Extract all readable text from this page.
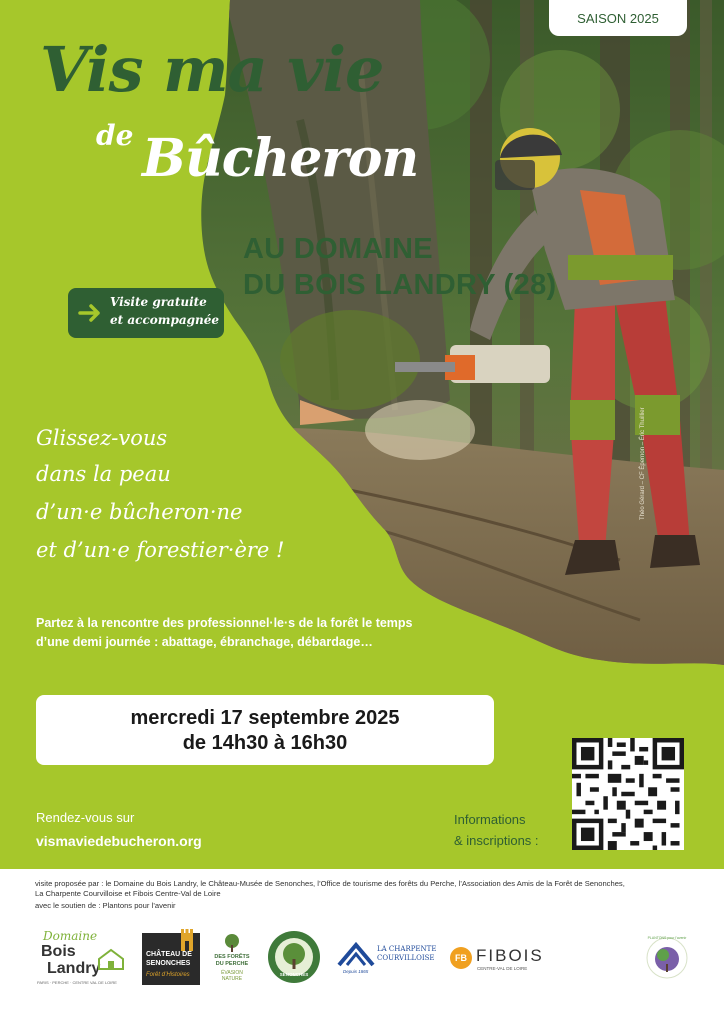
SAISON 2025
Vis ma vie
de Bûcheron
AU DOMAINE
DU BOIS LANDRY (28)
Visite gratuite
et accompagnée
Glissez-vous
dans la peau
d’un·e bûcheron·ne
et d’un·e forestier·ère !
Partez à la rencontre des professionnel·le·s de la forêt le temps
d’une demi journée : abattage, ébranchage, débardage…
Théo Gérard – CF Épernon – Éric Thuillier
mercredi 17 septembre 2025
de 14h30 à 16h30
Rendez-vous sur
vismaviedebucheron.org
Informations
& inscriptions :
visite proposée par : le Domaine du Bois Landry, le Château-Musée de Senonches, l’Office de tourisme des forêts du Perche, l’Association des Amis de la Forêt de Senonches,
La Charpente Courvilloise et Fibois Centre-Val de Loire
avec le soutien de : Plantons pour l’avenir
Domaine
Bois
Landry
PARIS · PERCHE · CENTRE VAL DE LOIRE
CHÂTEAU DE
SENONCHES
Forêt d’Histoires
DES FORÊTS
DU PERCHE
ÉVASION
NATURE
SENONCHES
LA CHARPENTE
COURVILLOISE
Depuis 1865
FB FIBOIS
CENTRE-VAL DE LOIRE
PLANTONS pour l’avenir
